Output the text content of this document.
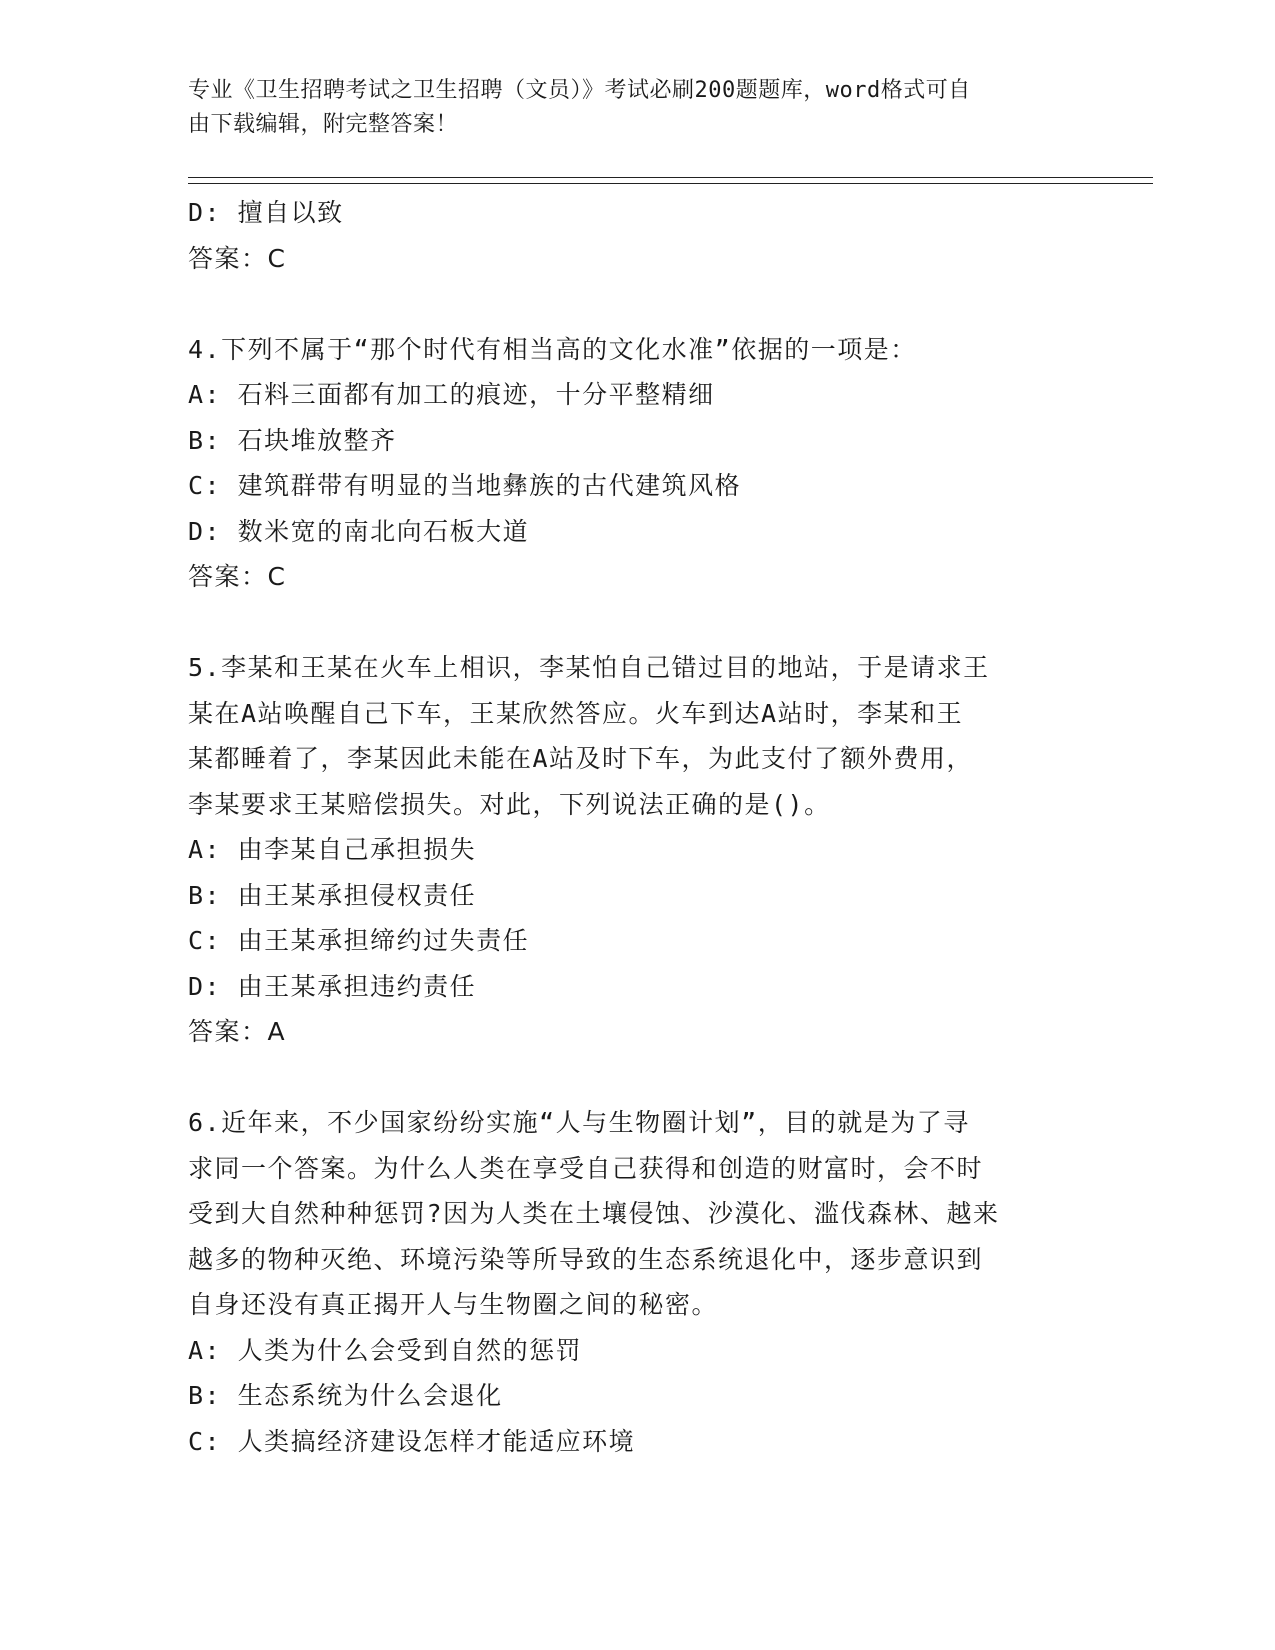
专业《卫生招聘考试之卫生招聘（文员）》考试必刷200题题库，word格式可自
由下载编辑，附完整答案！
D: 擅自以致
答案：C
4.下列不属于“那个时代有相当高的文化水准”依据的一项是：
A: 石料三面都有加工的痕迹，十分平整精细
B: 石块堆放整齐
C: 建筑群带有明显的当地彝族的古代建筑风格
D: 数米宽的南北向石板大道
答案：C
5.李某和王某在火车上相识，李某怕自己错过目的地站，于是请求王
某在A站唤醒自己下车，王某欣然答应。火车到达A站时，李某和王
某都睡着了，李某因此未能在A站及时下车，为此支付了额外费用，
李某要求王某赔偿损失。对此，下列说法正确的是()。
A: 由李某自己承担损失
B: 由王某承担侵权责任
C: 由王某承担缔约过失责任
D: 由王某承担违约责任
答案：A
6.近年来，不少国家纷纷实施“人与生物圈计划”，目的就是为了寻
求同一个答案。为什么人类在享受自己获得和创造的财富时，会不时
受到大自然种种惩罚?因为人类在土壤侵蚀、沙漠化、滥伐森林、越来
越多的物种灭绝、环境污染等所导致的生态系统退化中，逐步意识到
自身还没有真正揭开人与生物圈之间的秘密。
A: 人类为什么会受到自然的惩罚
B: 生态系统为什么会退化
C: 人类搞经济建设怎样才能适应环境
